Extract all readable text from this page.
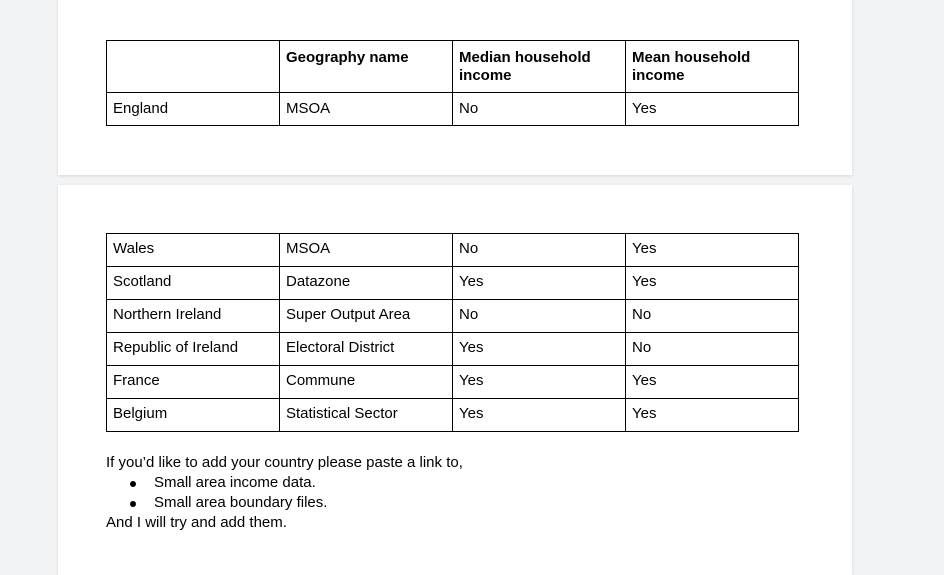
	Geography name	Median household income	Mean household income
England	MSOA	No	Yes
Wales	MSOA	No	Yes
Scotland	Datazone	Yes	Yes
Northern Ireland	Super Output Area	No	No
Republic of Ireland	Electoral District	Yes	No
France	Commune	Yes	Yes
Belgium	Statistical Sector	Yes	Yes

If you’d like to add your country please paste a link to,

Small area income data.
Small area boundary files.

And I will try and add them.
